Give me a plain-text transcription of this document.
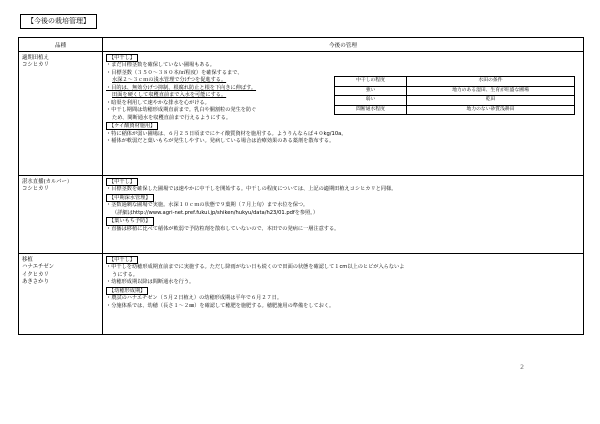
【今後の栽培管理】
品種	今後の管理

適期田植え
コシヒカリ

【中干し】
・まだ目標茎数を確保していない圃場もある。
・目標茎数（３５０～３８０本/㎡程度）を確保するまで、
水深２～３ｃｍの浅水管理で分げつを促進する。
・目的は、無効分げつ抑制、根腐れ防止と根を下向きに伸ばす。
田面を硬くして収穫直前まで入水を可能にする。
・暗渠を利用して速やかな排水を心がける。
・中干し期間は幼穂形成期直前まで。乳白や胴割粒の発生を防ぐ
ため、間断通水を収穫直前まで行えるようにする。
【ケイ酸資材施用】
・特に稲体が弱い圃場は、６月２５日頃までにケイ酸質資材を施用する。ようりんならば４０kg/10a。
・稲体が軟弱だと葉いもちが発生しやすい。発病している場合は治療効果のある薬剤を散布する。
中干しの程度	水田の条件
強い	地力のある湿田、生育が旺盛な圃場
弱い	乾田
間断通水程度	地力のない砂質浅耕田

湛水直播(カルパー）
コシヒカリ

【中干し】
・目標茎数を確保した圃場では速やかに中干しを開始する。中干しの程度については、上記の適期田植えコシヒカリと同様。
【中期深水管理】
・茎数過剰な圃場で実施。水深１０ｃｍの状態で９葉期（７月上旬）まで水位を保つ。
（詳細はhttp://www.agri-net.pref.fukui.jp/shiken/hukyu/data/h23/01.pdfを参照。）
【葉いもち予防】
・直播は移植に比べて稲体が軟弱で予防粒剤を散布していないので、本田での発病に一層注意する。

移植
ハナエチゼン
イクヒカリ
あきさかり

【中干し】
・中干しを幼穂形成期直前までに実施する。ただし降雨がない日も続くので田面の状態を確認して１cm以上のヒビが入らないよ
うにする。
・幼穂形成期以降は間断通水を行う。
【幼穂形成期】
・農試のハナエチゼン（５月２日植え）の幼穂形成期は平年で６月２７日。
・分施体系では、幼穂（長さ１～２㎜）を確認して穂肥を施肥する。穂肥施用の準備をしておく。
2
